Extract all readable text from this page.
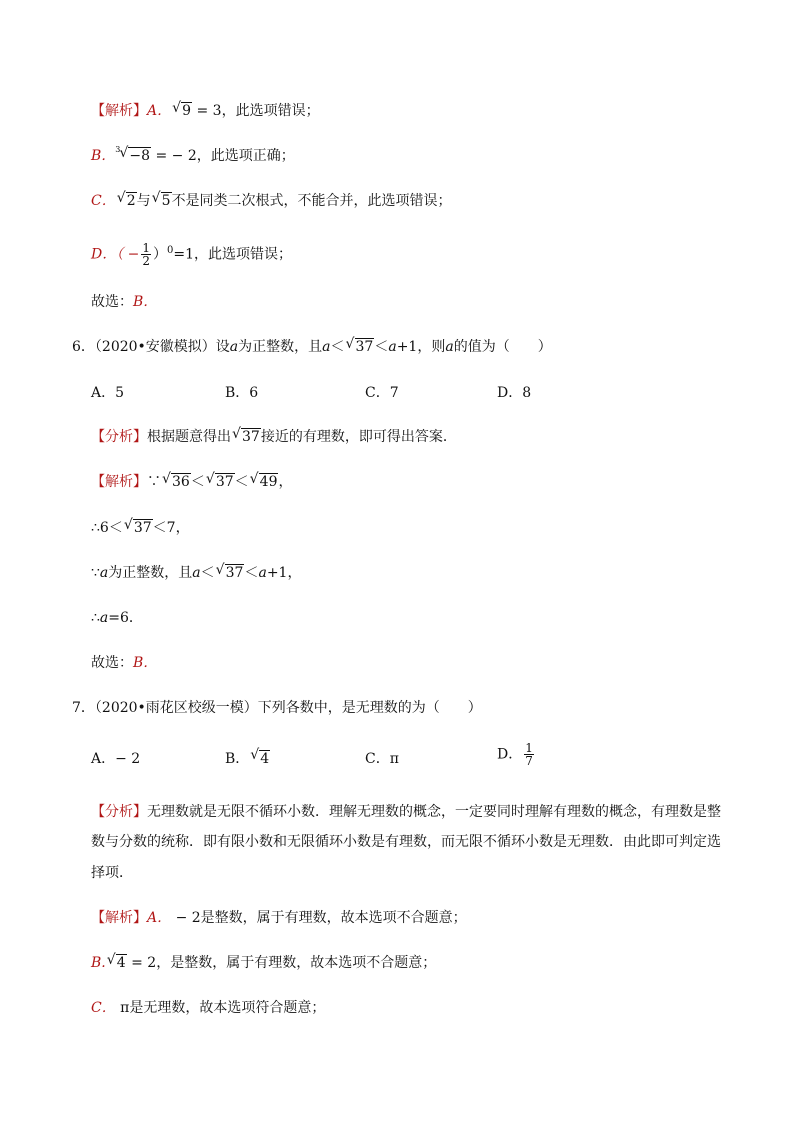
【解析】A． √ 9 = 3，此选项错误；
B．$^3$ √ −8 = − 2，此选项正确；
C． √ 2与 √ 5不是同类二次根式，不能合并，此选项错误；
D．（ − $\frac{1}{2} )^0=1$，此选项错误；
故选：B．
6．（2020•安徽模拟）设a为正整数，且a＜ √ 37＜a+1，则a的值为（　　）
A．5	B．6	C．7	D．8
【分析】根据题意得出 √ 37接近的有理数，即可得出答案．
【解析】∵ √ 36＜ √ 37＜ √ 49，
∴6＜ √ 37＜7，
∵a为正整数，且a＜ √ 37＜a+1，
∴a=6．
故选：B．
7．（2020•雨花区校级一模）下列各数中，是无理数的为（　　）
A．− 2	B． √ 4	C．π	D． $\frac{1}{7}$
【分析】无理数就是无限不循环小数．理解无理数的概念，一定要同时理解有理数的概念，有理数是整
数与分数的统称．即有限小数和无限循环小数是有理数，而无限不循环小数是无理数．由此即可判定选
择项．
【解析】A． − 2是整数，属于有理数，故本选项不合题意；
B. √ 4 = 2，是整数，属于有理数，故本选项不合题意；
C． π是无理数，故本选项符合题意；
